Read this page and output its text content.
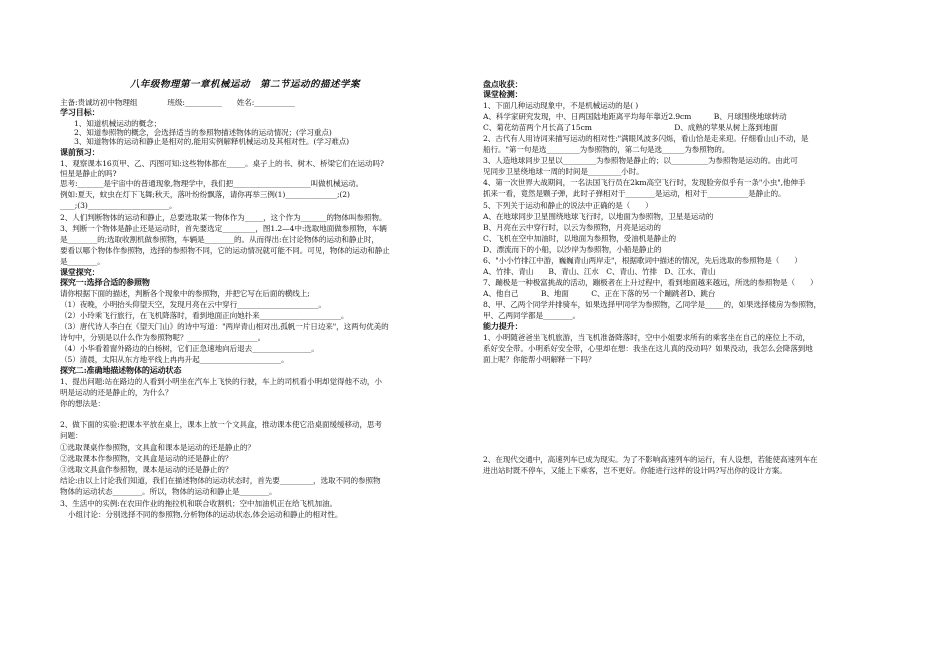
八年级物理第一章机械运动　第二节运动的描述学案
主备:贵诚坊初中物理组　　　　班级:__________　　姓名:___________
学习目标：
1、知道机械运动的概念；
2、知道参照物的概念，会选择适当的参照物描述物体的运动情况；(学习重点)
3、知道物体的运动和静止是相对的,能用实例解释机械运动及其相对性。(学习难点)
课前预习：
1、观察课本16页甲、乙、丙图可知:这些物体都在_____。桌子上的书、树木、桥梁它们在运动吗?
恒星是静止的吗?
思考:_______是宇宙中的普通现象,物理学中，我们把_____________________叫做机械运动。
例如:夏天，蚊虫在灯下飞舞;秋天，落叶纷纷飘落，请你再举三例(1)______________;(2)
____;(3)______________________。
2、人们判断物体的运动和静止，总要选取某一物体作为_____，这个作为_______的物体叫参照物。
3、判断一个物体是静止还是运动时，首先要选定_________，图1.2—4中:选取地面做参照物，车辆
是________的;选取收割机做参照物，车辆是________的。从而得出:在讨论物体的运动和静止时，
要看以哪个物体作参照物，选择的参照物不同，它的运动情况就可能不同。可见，物体的运动和静止
是________。
课堂探究：
探究一:选择合适的参照物
请你根据下面的描述，判断各个现象中的参照物，并把它写在后面的横线上;
（1）夜晚，小明抬头仰望天空，发现月亮在云中穿行______________________。
（2）小玲乘飞行旅行，在飞机降落时，看到地面正向她扑来______________________。
（3）唐代诗人李白在《望天门山》的诗中写道："两岸青山相对出,孤帆一片日边来"，这两句优美的
诗句中，分别是以什么作为参照物呢？___________________。
（4）小华看着窗外路边的白杨树，它们正急速地向后退去________________。
（5）清晨，太阳从东方地平线上冉冉升起______________________。
探究二:准确地描述物体的运动状态
1、提出问题:站在路边的人看到小明坐在汽车上飞快的行驶，车上的司机看小明却觉得他不动，小
明是运动的还是静止的，为什么？
你的想法是：
2、做下面的实验:把课本平放在桌上，课本上放一个文具盒，推动课本使它沿桌面缓缓移动，思考
问题：
①选取课桌作参照物，文具盒和课本是运动的还是静止的？
②选取课本作参照物，文具盒是运动的还是静止的？
③选取文具盒作参照物，课本是运动的还是静止的？
结论:由以上讨论我们知道，我们在描述物体的运动状态时，首先要_________，选取不同的参照物
物体的运动状态________。所以，物体的运动和静止是________。
3、生活中的实例:在农田作业的拖拉机和联合收割机；空中加油机正在给飞机加油。
小组讨论：分别选择不同的参照物,分析物体的运动状态,体会运动和静止的相对性。
盘点收获：
课堂检测：
1、下面几种运动现象中，不是机械运动的是( )
A、科学家研究发现，中、日两国陆地距离平均每年靠近2.9cm　　　B、月球围绕地球转动
C、菊花幼苗两个月长高了15cm　　　　　　　　　　　D、成熟的苹果从树上落到地面
2、古代有人用诗词来描写运动的相对性:"满眼风波多闪烁，看山恰是走来迎。仔细看山山不动，是
船行。"第一句是选_________为参照物的，第二句是选______为参照物的。
3、人造地球同步卫星以_________为参照物是静止的；以__________为参照物是运动的。由此可
见同步卫星绕地球一周的时间是_________小时。
4、第一次世界大战期间，一名法国飞行员在2km高空飞行时，发现脸旁似乎有一条"小虫",他伸手
抓来一看，竟然是颗子弹，此时子弹相对于________是运动，相对于___________是静止的。
5、下列关于运动和静止的说法中正确的是（　　）
A、在地球同步卫星围绕地球飞行时，以地面为参照物，卫星是运动的
B、月亮在云中穿行时，以云为参照物，月亮是运动的
C、飞机在空中加油时，以地面为参照物，受油机是静止的
D、漂流而下的小船，以沙岸为参照物，小船是静止的
6、"小小竹排江中游，巍巍青山两岸走"，根据歌词中描述的情况，先后选取的参照物是（　　）
A、竹排、青山　　B、青山、江水　C、青山、竹排　D、江水、青山
7、蹦极是一种极富挑战的活动，蹦极者在上升过程中，看到地面越来越远，所选的参照物是（　　）
A、他自己　　　B、地面　　　C、正在下落的另一个蹦跳者D、跳台
8、甲、乙两个同学并排骑车，如果选择甲同学为参照物，乙同学是_____的，如果选择楼房为参照物，
甲、乙两同学都是________。
能力提升：
1、小明随爸爸坐飞机旅游，当飞机准备降落时，空中小姐要求所有的乘客坐在自己的座位上不动，
系好安全带。小明系好安全带，心里却在想：我坐在这儿真的没动吗？如果没动，我怎么会降落到地
面上呢？你能帮小明解释一下吗？
2、在现代交通中，高速列车已成为现实。为了不影响高速列车的运行，有人设想，若能使高速列车在
进出站时既不停车，又能上下乘客，岂不更好。你能进行这样的设计吗?写出你的设计方案。
